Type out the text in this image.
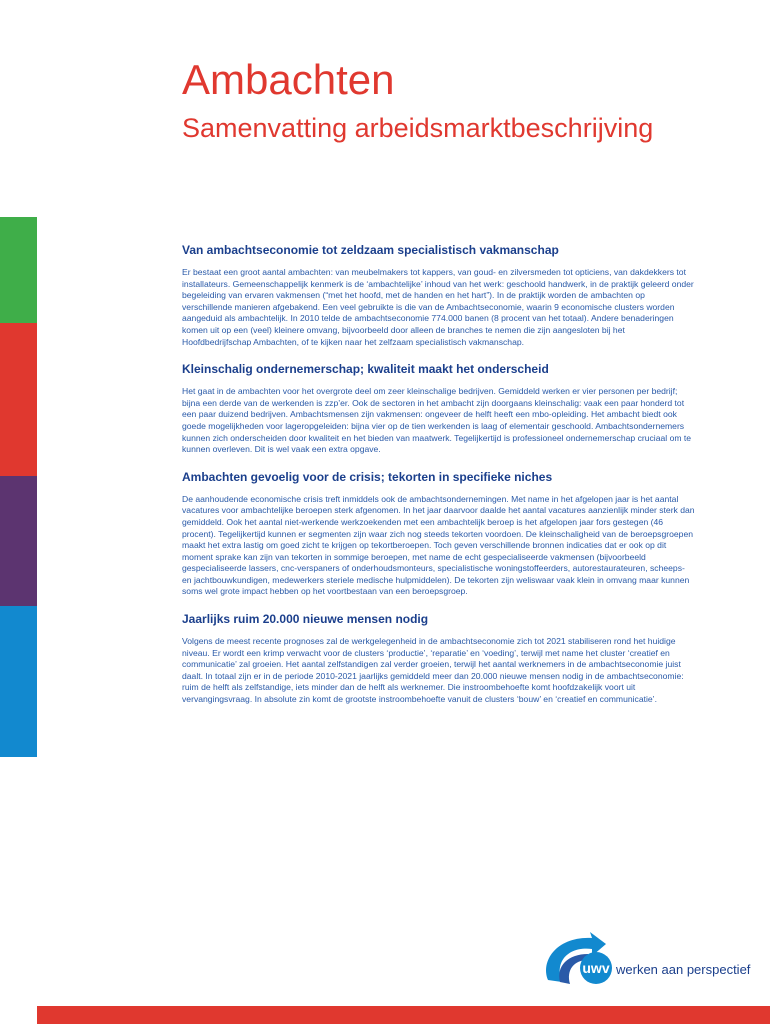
Ambachten
Samenvatting arbeidsmarktbeschrijving
Van ambachtseconomie tot zeldzaam specialistisch vakmanschap

Er bestaat een groot aantal ambachten: van meubelmakers tot kappers, van goud- en zilversmeden tot opticiens, van dakdekkers tot installateurs. Gemeenschappelijk kenmerk is de ‘ambachtelijke’ inhoud van het werk: geschoold handwerk, in de praktijk geleerd onder begeleiding van ervaren vakmensen (“met het hoofd, met de handen en het hart”). In de praktijk worden de ambachten op verschillende manieren afgebakend. Een veel gebruikte is die van de Ambachtseconomie, waarin 9 economische clusters worden aangeduid als ambachtelijk. In 2010 telde de ambachtseconomie 774.000 banen (8 procent van het totaal). Andere benaderingen komen uit op een (veel) kleinere omvang, bijvoorbeeld door alleen de branches te nemen die zijn aangesloten bij het Hoofdbedrijfschap Ambachten, of te kijken naar het zelfzaam specialistisch vakmanschap.

Kleinschalig ondernemerschap; kwaliteit maakt het onderscheid

Het gaat in de ambachten voor het overgrote deel om zeer kleinschalige bedrijven. Gemiddeld werken er vier personen per bedrijf; bijna een derde van de werkenden is zzp’er. Ook de sectoren in het ambacht zijn doorgaans kleinschalig: vaak een paar honderd tot een paar duizend bedrijven. Ambachtsmensen zijn vakmensen: ongeveer de helft heeft een mbo-opleiding. Het ambacht biedt ook goede mogelijkheden voor lageropgeleiden: bijna vier op de tien werkenden is laag of elementair geschoold. Ambachtsondernemers kunnen zich onderscheiden door kwaliteit en het bieden van maatwerk. Tegelijkertijd is professioneel ondernemerschap cruciaal om te kunnen overleven. Dit is wel vaak een extra opgave.

Ambachten gevoelig voor de crisis; tekorten in specifieke niches

De aanhoudende economische crisis treft inmiddels ook de ambachtsondernemingen. Met name in het afgelopen jaar is het aantal vacatures voor ambachtelijke beroepen sterk afgenomen. In het jaar daarvoor daalde het aantal vacatures aanzienlijk minder sterk dan gemiddeld. Ook het aantal niet-werkende werkzoekenden met een ambachtelijk beroep is het afgelopen jaar fors gestegen (46 procent). Tegelijkertijd kunnen er segmenten zijn waar zich nog steeds tekorten voordoen. De kleinschaligheid van de beroepsgroepen maakt het extra lastig om goed zicht te krijgen op tekortberoepen. Toch geven verschillende bronnen indicaties dat er ook op dit moment sprake kan zijn van tekorten in sommige beroepen, met name de echt gespecialiseerde vakmensen (bijvoorbeeld gespecialiseerde lassers, cnc-verspaners of onderhoudsmonteurs, specialistische woningstoffeerders, autorestaurateuren, scheeps- en jachtbouwkundigen, medewerkers steriele medische hulpmiddelen). De tekorten zijn weliswaar vaak klein in omvang maar kunnen soms wel grote impact hebben op het voortbestaan van een beroepsgroep.

Jaarlijks ruim 20.000 nieuwe mensen nodig

Volgens de meest recente prognoses zal de werkgelegenheid in de ambachtseconomie zich tot 2021 stabiliseren rond het huidige niveau. Er wordt een krimp verwacht voor de clusters ‘productie’, ‘reparatie’ en ‘voeding’, terwijl met name het cluster ‘creatief en communicatie’ zal groeien. Het aantal zelfstandigen zal verder groeien, terwijl het aantal werknemers in de ambachtseconomie juist daalt. In totaal zijn er in de periode 2010-2021 jaarlijks gemiddeld meer dan 20.000 nieuwe mensen nodig in de ambachtseconomie: ruim de helft als zelfstandige, iets minder dan de helft als werknemer. Die instroombehoefte komt hoofdzakelijk voort uit vervangingsvraag. In absolute zin komt de grootste instroombehoefte vanuit de clusters ‘bouw’ en ‘creatief en communicatie’.

uwv werken aan perspectief
